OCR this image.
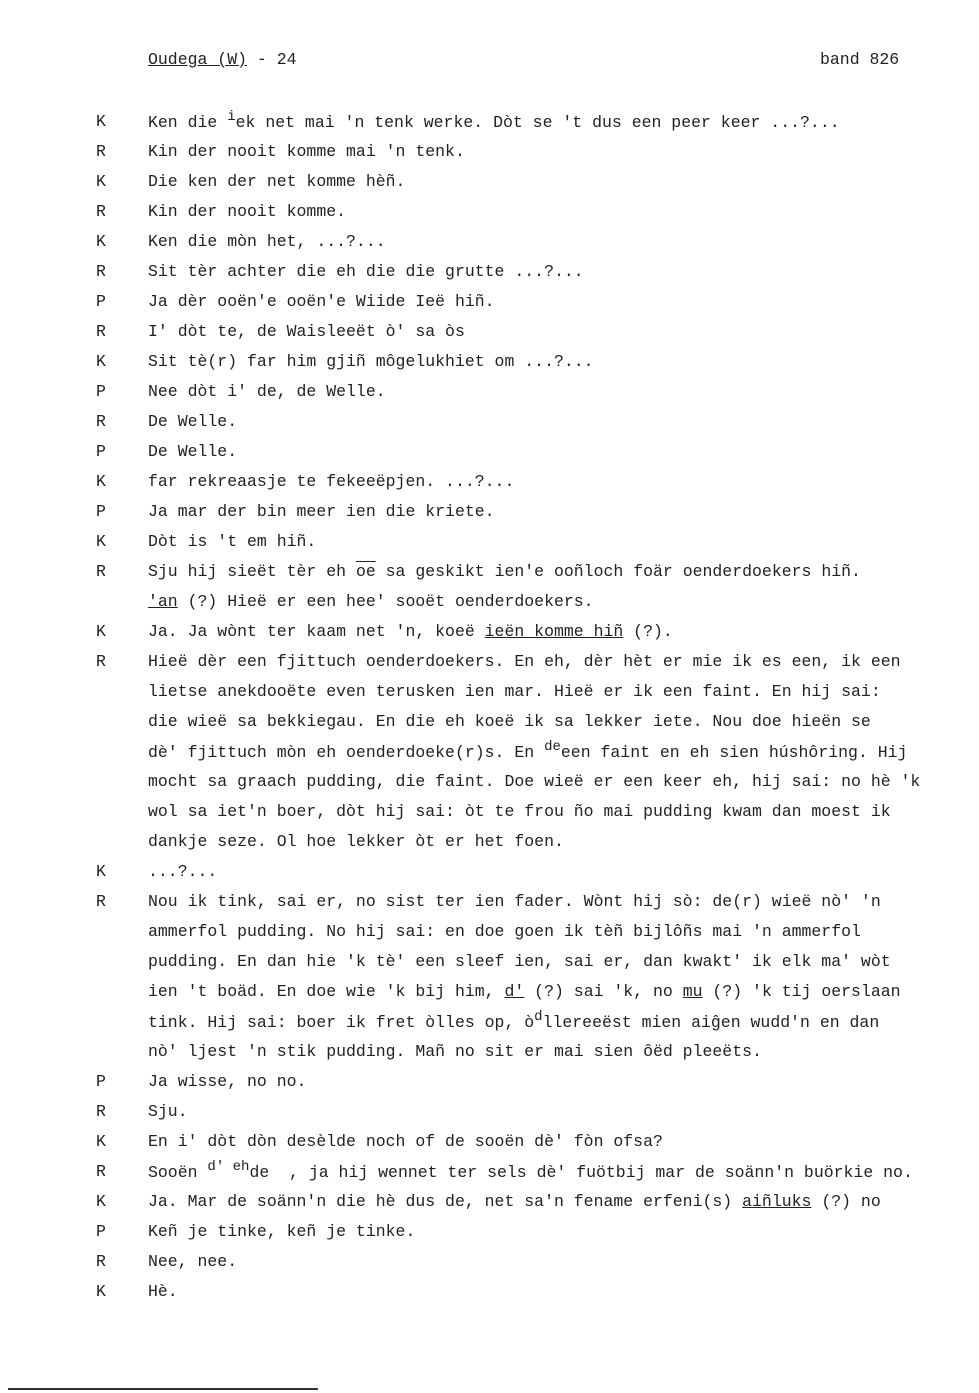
Oudega (W) - 24	band 826
K	Ken die iek net mai 'n tenk werke. Dòt se 't dus een peer keer ...?...
R	Kin der nooit komme mai 'n tenk.
K	Die ken der net komme hèñ.
R	Kin der nooit komme.
K	Ken die mòn het, ...?...
R	Sit tèr achter die eh die die grutte ...?...
P	Ja dèr ooën'e ooën'e Wiide Ieë hiñ.
R	I' dòt te, de Waisleeët ò' sa òs
K	Sit tè(r) far him gjiñ môgelukhiet om ...?...
P	Nee dòt i' de, de Welle.
R	De Welle.
P	De Welle.
K	far rekreaasje te fekeeëpjen. ...?...
P	Ja mar der bin meer ien die kriete.
K	Dòt is 't em hiñ.
R	Sju hij sieët tèr eh $\overline{oe}$ sa geskikt ien'e ooñloch foär oenderdoekers hiñ.
'an (?) Hieë er een hee' sooët oenderdoekers.
K	Ja. Ja wònt ter kaam net 'n, koeë ieën komme hiñ (?).
R	Hieë dèr een fjittuch oenderdoekers. En eh, dèr hèt er mie ik es een, ik een
lietse anekdooëte even terusken ien mar. Hieë er ik een faint. En hij sai:
die wieë sa bekkiegau. En die eh koeë ik sa lekker iete. Nou doe hieën se
dè' fjittuch mòn eh oenderdoeke(r)s. En deeen faint en eh sien húshôring. Hij
mocht sa graach pudding, die faint. Doe wieë er een keer eh, hij sai: no hè 'k
wol sa iet'n boer, dòt hij sai: òt te frou ño mai pudding kwam dan moest ik
dankje seze. Ol hoe lekker òt er het foen.
K	...?...
R	Nou ik tink, sai er, no sist ter ien fader. Wònt hij sò: de(r) wieë nò' 'n
ammerfol pudding. No hij sai: en doe goen ik tèñ bijlôñs mai 'n ammerfol
pudding. En dan hie 'k tè' een sleef ien, sai er, dan kwakt' ik elk ma' wòt
ien 't boäd. En doe wie 'k bij him, d' (?) sai 'k, no mu (?) 'k tij oerslaan
tink. Hij sai: boer ik fret òlles op, òdllereeëst mien aiĝen wudd'n en dan
nò' ljest 'n stik pudding. Mañ no sit er mai sien ôëd pleeëts.
P	Ja wisse, no no.
R	Sju.
K	En i' dòt dòn desèlde noch of de sooën dè' fòn ofsa?
R	Sooën d' ehde  , ja hij wennet ter sels dè' fuötbij mar de soänn'n buörkie no.
K	Ja. Mar de soänn'n die hè dus de, net sa'n fename erfeni(s) aiñluks (?) no
P	Keñ je tinke, keñ je tinke.
R	Nee, nee.
K	Hè.
